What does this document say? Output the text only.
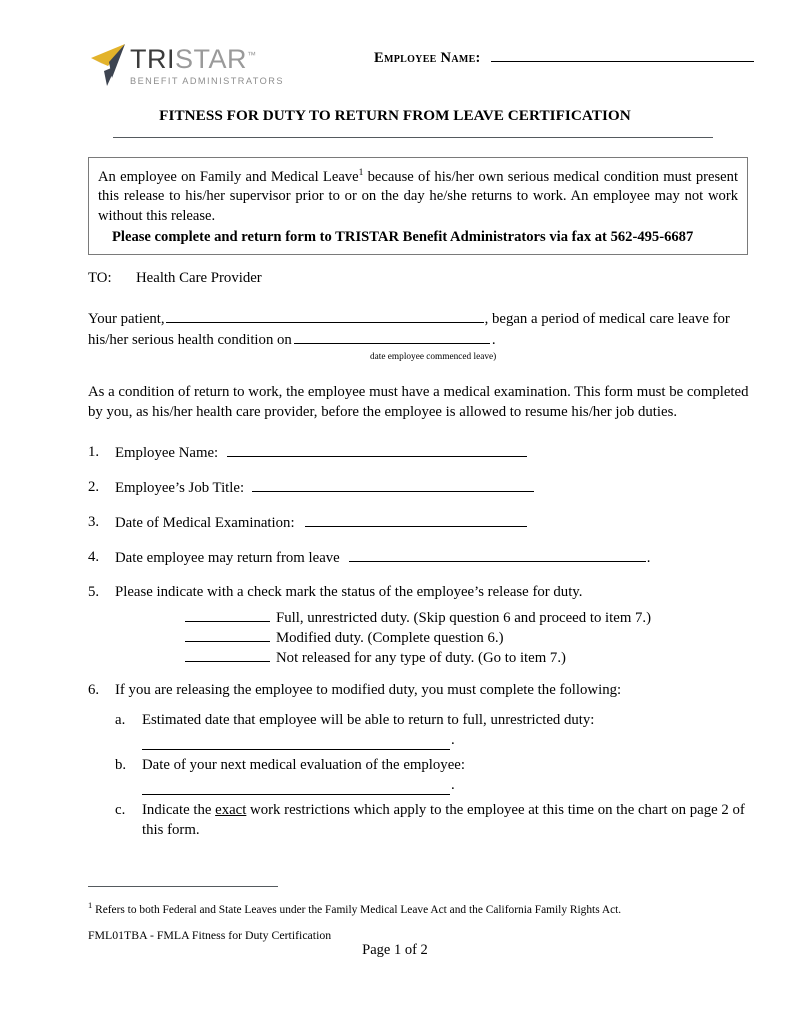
TRISTAR™
BENEFIT ADMINISTRATORS
Employee Name:
FITNESS FOR DUTY TO RETURN FROM LEAVE CERTIFICATION
An employee on Family and Medical Leave$^1$ because of his/her own serious medical condition must present this release to his/her supervisor prior to or on the day he/she returns to work. An employee may not work without this release.
Please complete and return form to TRISTAR Benefit Administrators via fax at 562-495-6687
TO:	Health Care Provider
Your patient,	, began a period of medical care leave for his/her serious health condition on	.
date employee commenced leave)
As a condition of return to work, the employee must have a medical examination. This form must be completed by you, as his/her health care provider, before the employee is allowed to resume his/her job duties.
1.	Employee Name:
2.	Employee’s Job Title:
3.	Date of Medical Examination:
4.	Date employee may return from leave	.
5.	Please indicate with a check mark the status of the employee’s release for duty.
Full, unrestricted duty. (Skip question 6 and proceed to item 7.)
Modified duty. (Complete question 6.)
Not released for any type of duty. (Go to item 7.)
6.	If you are releasing the employee to modified duty, you must complete the following:
a.	Estimated date that employee will be able to return to full, unrestricted duty:
.
b.	Date of your next medical evaluation of the employee:
.
c.	Indicate the exact work restrictions which apply to the employee at this time on the chart on page 2 of this form.
$^1$ Refers to both Federal and State Leaves under the Family Medical Leave Act and the California Family Rights Act.
FML01TBA - FMLA Fitness for Duty Certification
Page 1 of 2
